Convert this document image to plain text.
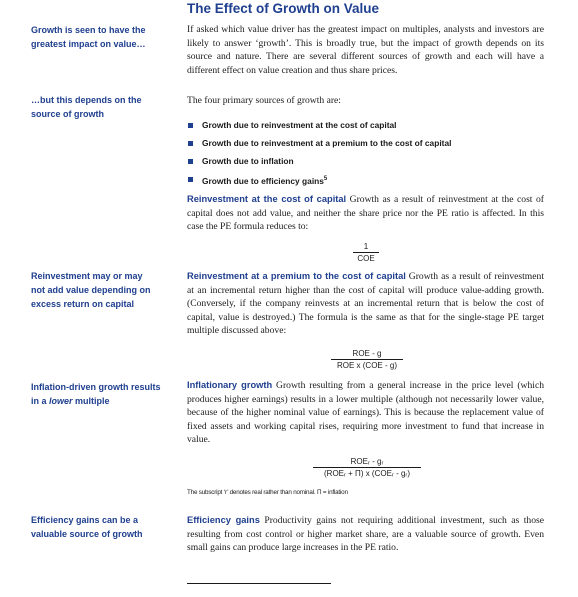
The Effect of Growth on Value
Growth is seen to have the greatest impact on value…
…but this depends on the source of growth
Reinvestment may or may not add value depending on excess return on capital
Inflation-driven growth results in a lower multiple
Efficiency gains can be a valuable source of growth
If asked which value driver has the greatest impact on multiples, analysts and investors are likely to answer ‘growth’. This is broadly true, but the impact of growth depends on its source and nature. There are several different sources of growth and each will have a different effect on value creation and thus share prices.
The four primary sources of growth are:
Growth due to reinvestment at the cost of capital
Growth due to reinvestment at a premium to the cost of capital
Growth due to inflation
Growth due to efficiency gains$^5$
Reinvestment at the cost of capital Growth as a result of reinvestment at the cost of capital does not add value, and neither the share price nor the PE ratio is affected. In this case the PE formula reduces to:
1
COE
Reinvestment at a premium to the cost of capital Growth as a result of reinvestment at an incremental return higher than the cost of capital will produce value-adding growth. (Conversely, if the company reinvests at an incremental return that is below the cost of capital, value is destroyed.) The formula is the same as that for the single-stage PE target multiple discussed above:
ROE - g
ROE x (COE - g)
Inflationary growth Growth resulting from a general increase in the price level (which produces higher earnings) results in a lower multiple (although not necessarily lower value, because of the higher nominal value of earnings). This is because the replacement value of fixed assets and working capital rises, requiring more investment to fund that increase in value.
ROEᵣ - gᵣ
(ROEᵣ + Π) x (COEᵣ - gᵣ)
The subscript ‘r’ denotes real rather than nominal. Π = inflation
Efficiency gains Productivity gains not requiring additional investment, such as those resulting from cost control or higher market share, are a valuable source of growth. Even small gains can produce large increases in the PE ratio.
